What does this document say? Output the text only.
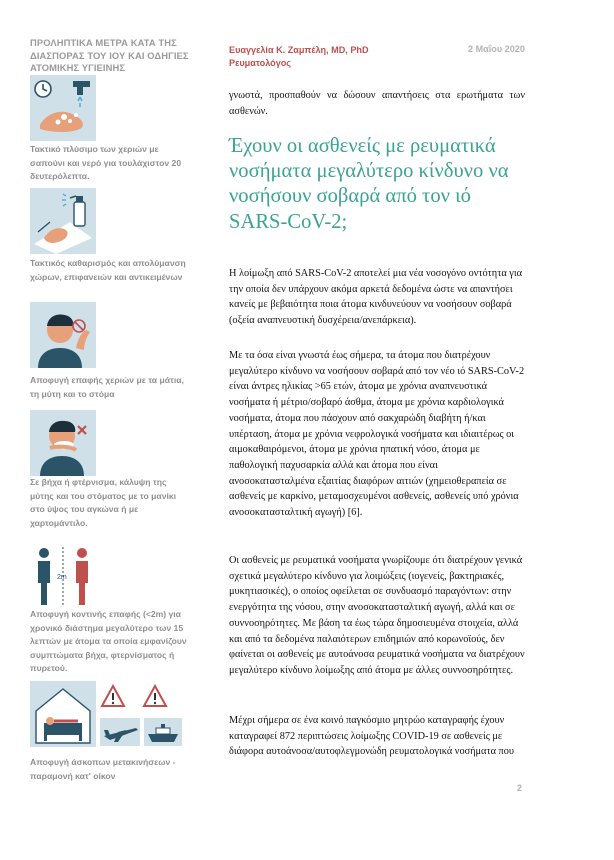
ΠΡΟΛΗΠΤΙΚΑ ΜΕΤΡΑ ΚΑΤΑ ΤΗΣ ΔΙΑΣΠΟΡΑΣ ΤΟΥ ΙΟΥ ΚΑΙ ΟΔΗΓΙΕΣ ΑΤΟΜΙΚΗΣ ΥΓΙΕΙΝΗΣ
Τακτικό πλύσιμο των χεριών με σαπούνι και νερό για τουλάχιστον 20 δευτερόλεπτα.
Τακτικός καθαρισμός και απολύμανση χώρων, επιφανειών και αντικειμένων
Αποφυγή επαφής χεριών με τα μάτια, τη μύτη και το στόμα
Σε βήχα ή φτέρνισμα, κάλυψη της μύτης και του στόματος με το μανίκι στο ύψος του αγκώνα ή με χαρτομάντιλο.
2m
Αποφυγή κοντινής επαφής (<2m) για χρονικό διάστημα μεγαλύτερο των 15 λεπτών με άτομα τα οποία εμφανίζουν συμπτώματα βήχα, φτερνίσματος ή πυρετού.
Αποφυγή άσκοπων μετακινήσεων - παραμονή κατ' οίκον
Ευαγγελία Κ. Ζαμπέλη, MD, PhD
Ρευματολόγος
2 Μαΐου 2020

γνωστά, προσπαθούν να δώσουν απαντήσεις στα ερωτήματα των ασθενών.

Έχουν οι ασθενείς με ρευματικά νοσήματα μεγαλύτερο κίνδυνο να νοσήσουν σοβαρά από τον ιό SARS-CoV-2;

Η λοίμωξη από SARS-CoV-2 αποτελεί μια νέα νοσογόνο οντότητα για την οποία δεν υπάρχουν ακόμα αρκετά δεδομένα ώστε να απαντήσει κανείς με βεβαιότητα ποια άτομα κινδυνεύουν να νοσήσουν σοβαρά (οξεία αναπνευστική δυσχέρεια/ανεπάρκεια).

Με τα όσα είναι γνωστά έως σήμερα, τα άτομα που διατρέχουν μεγαλύτερο κίνδυνο να νοσήσουν σοβαρά από τον νέο ιό SARS-CoV-2 είναι άντρες ηλικίας >65 ετών, άτομα με χρόνια αναπνευστικά νοσήματα ή μέτριο/σοβαρό άσθμα, άτομα με χρόνια καρδιολογικά νοσήματα, άτομα που πάσχουν από σακχαρώδη διαβήτη ή/και υπέρταση, άτομα με χρόνια νεφρολογικά νοσήματα και ιδιαιτέρως οι αιμοκαθαιρόμενοι, άτομα με χρόνια ηπατική νόσο, άτομα με παθολογική παχυσαρκία αλλά και άτομα που είναι ανοσοκατασταλμένα εξαιτίας διαφόρων αιτιών (χημειοθεραπεία σε ασθενείς με καρκίνο, μεταμοσχευμένοι ασθενείς, ασθενείς υπό χρόνια ανοσοκατασταλτική αγωγή) [6].

Οι ασθενείς με ρευματικά νοσήματα γνωρίζουμε ότι διατρέχουν γενικά σχετικά μεγαλύτερο κίνδυνο για λοιμώξεις (ιογενείς, βακτηριακές, μυκητιασικές), ο οποίος οφείλεται σε συνδυασμό παραγόντων: στην ενεργότητα της νόσου, στην ανοσοκατασταλτική αγωγή, αλλά και σε συννοσηρότητες. Με βάση τα έως τώρα δημοσιευμένα στοιχεία, αλλά και από τα δεδομένα παλαιότερων επιδημιών από κορωνοϊούς, δεν φαίνεται οι ασθενείς με αυτοάνοσα ρευματικά νοσήματα να διατρέχουν μεγαλύτερο κίνδυνο λοίμωξης από άτομα με άλλες συννοσηρότητες.

Μέχρι σήμερα σε ένα κοινό παγκόσμιο μητρώο καταγραφής έχουν καταγραφεί 872 περιπτώσεις λοίμωξης COVID-19 σε ασθενείς με διάφορα αυτοάνοσα/αυτοφλεγμονώδη ρευματολογικά νοσήματα που

2
